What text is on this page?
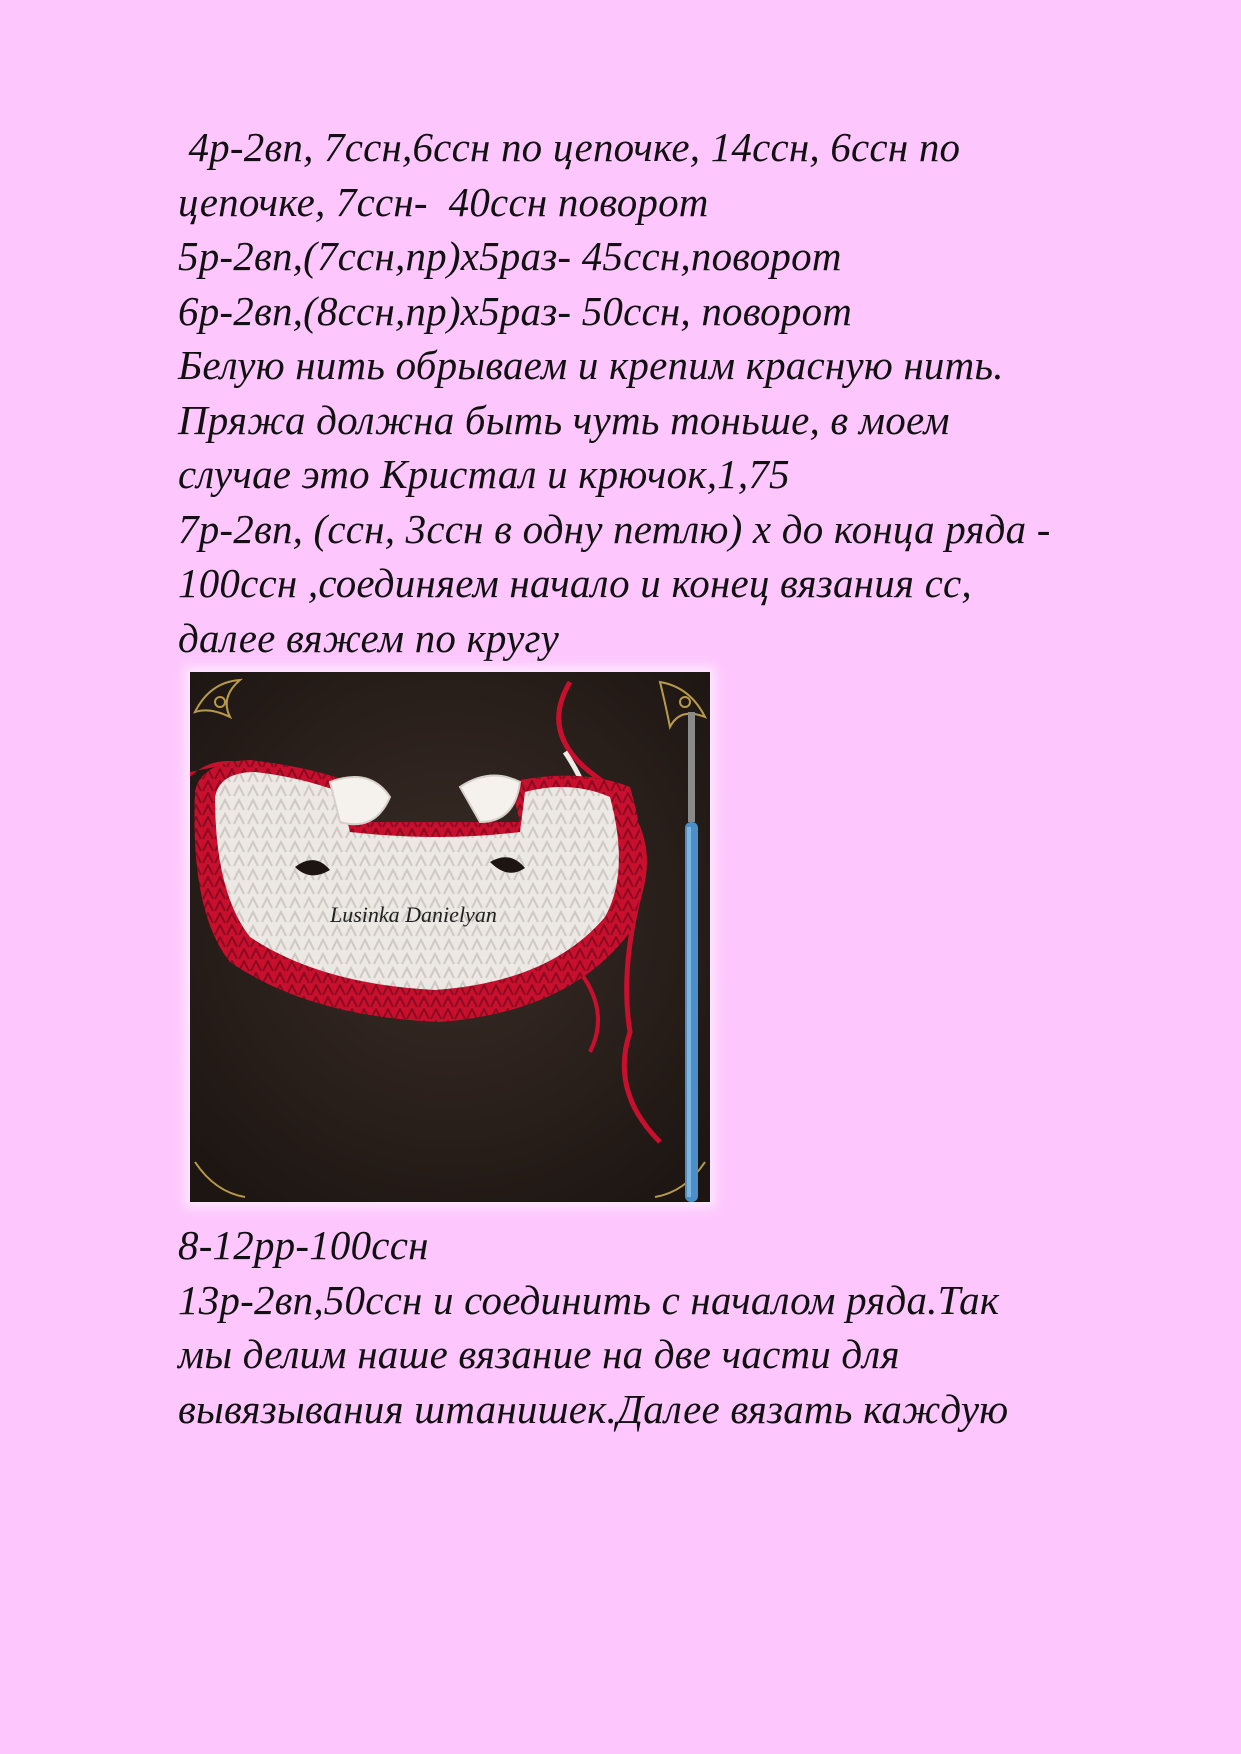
4р-2вп, 7ссн,6ссн по цепочке, 14ссн, 6ссн по
цепочке, 7ссн-  40ссн поворот
5р-2вп,(7ссн,пр)х5раз- 45ссн,поворот
6р-2вп,(8ссн,пр)х5раз- 50ссн, поворот
Белую нить обрываем и крепим красную нить.
Пряжа должна быть чуть тоньше, в моем
случае это Кристал и крючок,1,75
7р-2вп, (ссн, 3ссн в одну петлю) х до конца ряда -
100ссн ,соединяем начало и конец вязания сс,
далее вяжем по кругу
Lusinka Danielyan
8-12рр-100ссн
13р-2вп,50ссн и соединить с началом ряда.Так
мы делим наше вязание на две части для
вывязывания штанишек.Далее вязать каждую
